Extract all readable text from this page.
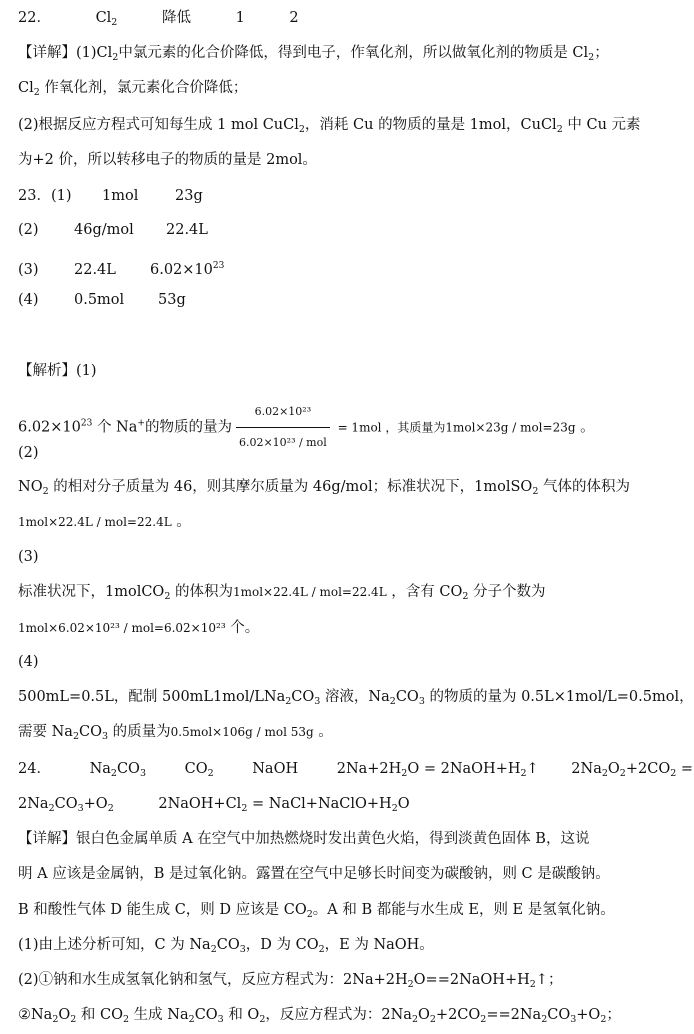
22．	$Cl_2$	降低	1	2
【详解】$(1)Cl_2$中氯元素的化合价降低，得到电子，作氧化剂，所以做氧化剂的物质是 $Cl_2$；
$Cl_2$ 作氧化剂，氯元素化合价降低；
(2)根据反应方程式可知每生成 1 mol CuCl$_2$，消耗 Cu 的物质的量是 1mol，CuCl$_2$ 中 Cu 元素
为+2 价，所以转移电子的物质的量是 2mol。
23．(1) 1mol	23g
(2) 46g/mol 22.4L
(3) 22.4L $6.02\times 10^{23}$
(4) 0.5mol 53g
【解析】(1)
$6.02\times 10^{23}$ 个 Na+的物质的量为 $\frac{\text{6.02×10²³}}{\text{6.02×10²³ / mol}} = 1mol$ ，其质量为1mol×23g / mol=23g 。
(2)
$NO_2$ 的相对分子质量为 46，则其摩尔质量为 46g/mol；标准状况下，1molSO$_2$ 气体的体积为
1mol×22.4L / mol=22.4L 。
(3)
标准状况下，1molCO$_2$ 的体积为1mol×22.4L / mol=22.4L ，含有 $CO_2$ 分子个数为
1mol×6.02×10²³ / mol=6.02×10²³ 个。
(4)
500mL=0.5L，配制 $500mL1mol/LNa_2CO_3$ 溶液，$Na_2CO_3$ 的物质的量为 0.5L×1mol/L=0.5mol，
需要 $Na_2CO_3$ 的质量为0.5mol×106g / mol 53g 。
24．	$Na_2CO_3$	$CO_2$	NaOH	$2Na+2H_2O$ = $2NaOH+H_2↑$ $2Na_2O_2+2CO_2$ =
$2Na_2CO_3+O_2$	$2NaOH+Cl_2$ = $NaCl+NaClO+H_2O$
【详解】银白色金属单质 A 在空气中加热燃烧时发出黄色火焰，得到淡黄色固体 B，这说
明 A 应该是金属钠，B 是过氧化钠。露置在空气中足够长时间变为碳酸钠，则 C 是碳酸钠。
B 和酸性气体 D 能生成 C，则 D 应该是 $CO_2$。A 和 B 都能与水生成 E，则 E 是氢氧化钠。
(1)由上述分析可知，C 为 $Na_2CO_3$，D 为 $CO_2$，E 为 NaOH。
(2)①钠和水生成氢氧化钠和氢气，反应方程式为：$2Na+2H_2O==2NaOH+H_2↑$；
$②Na_2O_2$ 和 $CO_2$ 生成 $Na_2CO_3$ 和 $O_2$，反应方程式为：$2Na_2O_2+2CO_2==2Na_2CO_3+O_2$；
